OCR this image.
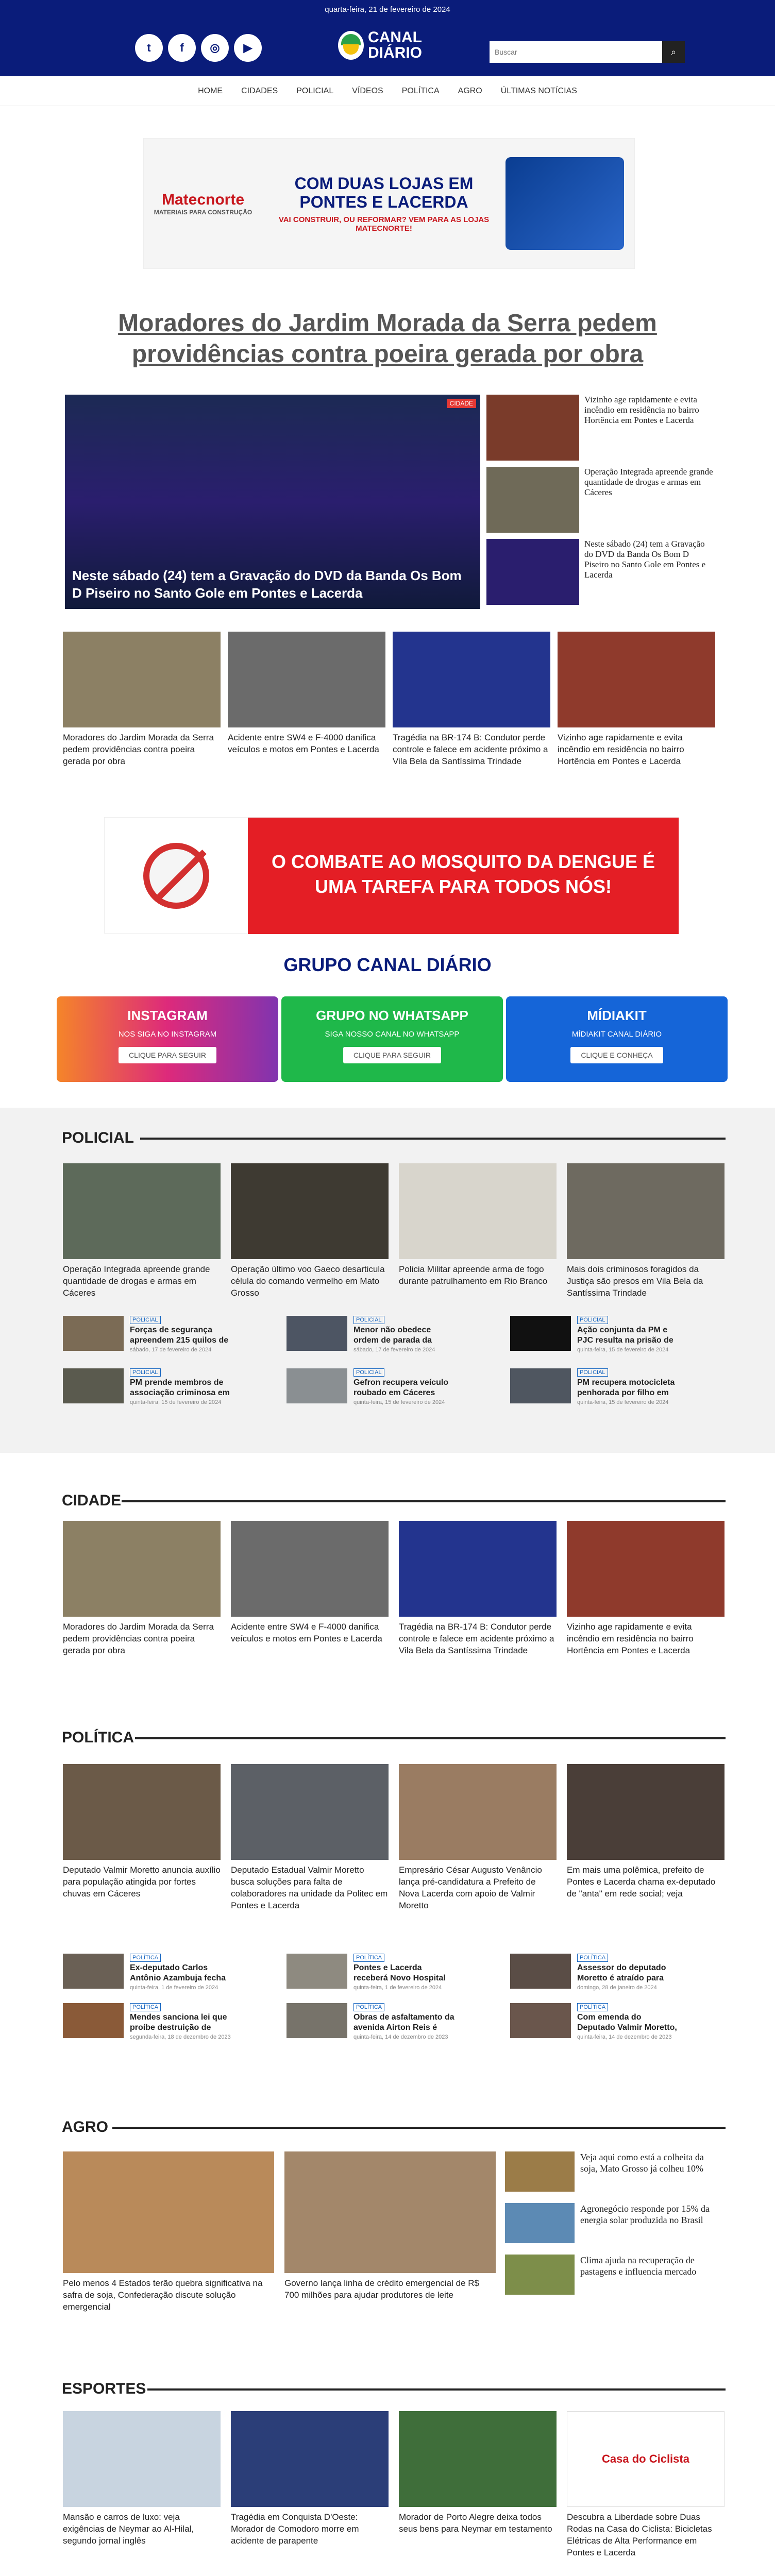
quarta-feira, 21 de fevereiro de 2024
t	f	◎	▶
CANAL
DIÁRIO
Buscar	⌕
HOME CIDADES POLICIAL VÍDEOS POLÍTICA AGRO ÚLTIMAS NOTÍCIAS
Matecnorte
MATERIAIS PARA CONSTRUÇÃO
COM DUAS LOJAS EM PONTES E LACERDA
VAI CONSTRUIR, OU REFORMAR? VEM PARA AS LOJAS MATECNORTE!
Moradores do Jardim Morada da Serra pedem providências contra poeira gerada por obra
CIDADE
Neste sábado (24) tem a Gravação do DVD da Banda Os Bom D Piseiro no Santo Gole em Pontes e Lacerda
Vizinho age rapidamente e evita incêndio em residência no bairro Hortência em Pontes e Lacerda
Operação Integrada apreende grande quantidade de drogas e armas em Cáceres
Neste sábado (24) tem a Gravação do DVD da Banda Os Bom D Piseiro no Santo Gole em Pontes e Lacerda
Moradores do Jardim Morada da Serra pedem providências contra poeira gerada por obra
Acidente entre SW4 e F-4000 danifica veículos e motos em Pontes e Lacerda
Tragédia na BR-174 B: Condutor perde controle e falece em acidente próximo a Vila Bela da Santíssima Trindade
Vizinho age rapidamente e evita incêndio em residência no bairro Hortência em Pontes e Lacerda
O COMBATE AO MOSQUITO DA DENGUE É UMA TAREFA PARA TODOS NÓS!
GRUPO CANAL DIÁRIO
INSTAGRAM
NOS SIGA NO INSTAGRAM
CLIQUE PARA SEGUIR
GRUPO NO WHATSAPP
SIGA NOSSO CANAL NO WHATSAPP
CLIQUE PARA SEGUIR
MÍDIAKIT
MÍDIAKIT CANAL DIÁRIO
CLIQUE E CONHEÇA
POLICIAL
Operação Integrada apreende grande quantidade de drogas e armas em Cáceres
Operação último voo Gaeco desarticula célula do comando vermelho em Mato Grosso
Policia Militar apreende arma de fogo durante patrulhamento em Rio Branco
Mais dois criminosos foragidos da Justiça são presos em Vila Bela da Santíssima Trindade
POLICIAL
Forças de segurança apreendem 215 quilos de
sábado, 17 de fevereiro de 2024
POLICIAL
Menor não obedece ordem de parada da
sábado, 17 de fevereiro de 2024
POLICIAL
Ação conjunta da PM e PJC resulta na prisão de
quinta-feira, 15 de fevereiro de 2024
POLICIAL
PM prende membros de associação criminosa em
quinta-feira, 15 de fevereiro de 2024
POLICIAL
Gefron recupera veículo roubado em Cáceres
quinta-feira, 15 de fevereiro de 2024
POLICIAL
PM recupera motocicleta penhorada por filho em
quinta-feira, 15 de fevereiro de 2024
CIDADE
Moradores do Jardim Morada da Serra pedem providências contra poeira gerada por obra
Acidente entre SW4 e F-4000 danifica veículos e motos em Pontes e Lacerda
Tragédia na BR-174 B: Condutor perde controle e falece em acidente próximo a Vila Bela da Santíssima Trindade
Vizinho age rapidamente e evita incêndio em residência no bairro Hortência em Pontes e Lacerda
POLÍTICA
Deputado Valmir Moretto anuncia auxílio para população atingida por fortes chuvas em Cáceres
Deputado Estadual Valmir Moretto busca soluções para falta de colaboradores na unidade da Politec em Pontes e Lacerda
Empresário César Augusto Venâncio lança pré-candidatura a Prefeito de Nova Lacerda com apoio de Valmir Moretto
Em mais uma polêmica, prefeito de Pontes e Lacerda chama ex-deputado de "anta" em rede social; veja
POLÍTICA
Ex-deputado Carlos Antônio Azambuja fecha
quinta-feira, 1 de fevereiro de 2024
POLÍTICA
Pontes e Lacerda receberá Novo Hospital
quinta-feira, 1 de fevereiro de 2024
POLÍTICA
Assessor do deputado Moretto é atraído para
domingo, 28 de janeiro de 2024
POLÍTICA
Mendes sanciona lei que proíbe destruição de
segunda-feira, 18 de dezembro de 2023
POLÍTICA
Obras de asfaltamento da avenida Airton Reis é
quinta-feira, 14 de dezembro de 2023
POLÍTICA
Com emenda do Deputado Valmir Moretto,
quinta-feira, 14 de dezembro de 2023
AGRO
Pelo menos 4 Estados terão quebra significativa na safra de soja, Confederação discute solução emergencial
Governo lança linha de crédito emergencial de R$ 700 milhões para ajudar produtores de leite
Veja aqui como está a colheita da soja, Mato Grosso já colheu 10%
Agronegócio responde por 15% da energia solar produzida no Brasil
Clima ajuda na recuperação de pastagens e influencia mercado
ESPORTES
Mansão e carros de luxo: veja exigências de Neymar ao Al-Hilal, segundo jornal inglês
Tragédia em Conquista D'Oeste: Morador de Comodoro morre em acidente de parapente
Morador de Porto Alegre deixa todos seus bens para Neymar em testamento
Casa do Ciclista
Descubra a Liberdade sobre Duas Rodas na Casa do Ciclista: Bicicletas Elétricas de Alta Performance em Pontes e Lacerda
